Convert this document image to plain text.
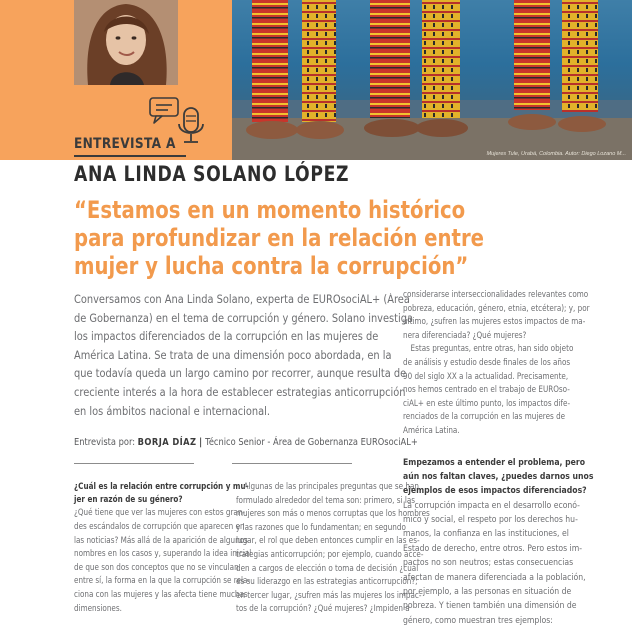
Mujeres Tule, Urabá, Colombia. Autor: Diego Lozano M...
ENTREVISTA A
ANA LINDA SOLANO LÓPEZ
“Estamos en un momento histórico
para profundizar en la relación entre
mujer y lucha contra la corrupción”
Conversamos con Ana Linda Solano, experta de EUROsociAL+ (Área
de Gobernanza) en el tema de corrupción y género. Solano investiga
los impactos diferenciados de la corrupción en las mujeres de
América Latina. Se trata de una dimensión poco abordada, en la
que todavía queda un largo camino por recorrer, aunque resulta de
creciente interés a la hora de establecer estrategias anticorrupción
en los ámbitos nacional e internacional.
Entrevista por: BORJA DÍAZ | Técnico Senior - Área de Gobernanza EUROsociAL+
considerarse interseccionalidades relevantes como
pobreza, educación, género, etnia, etcétera); y, por
último, ¿sufren las mujeres estos impactos de ma-
nera diferenciada? ¿Qué mujeres?
Estas preguntas, entre otras, han sido objeto
de análisis y estudio desde finales de los años
90 del siglo XX a la actualidad. Precisamente,
nos hemos centrado en el trabajo de EUROso-
ciAL+ en este último punto, los impactos dife-
renciados de la corrupción en las mujeres de
América Latina.
¿Cuál es la relación entre corrupción y mu-
jer en razón de su género?
¿Qué tiene que ver las mujeres con estos gran-
des escándalos de corrupción que aparecen en
las noticias? Más allá de la aparición de algunos
nombres en los casos y, superando la idea inicial
de que son dos conceptos que no se vinculan
entre sí, la forma en la que la corrupción se rela-
ciona con las mujeres y las afecta tiene muchas
dimensiones.
Algunas de las principales preguntas que se han
formulado alrededor del tema son: primero, si las
mujeres son más o menos corruptas que los hombres
y las razones que lo fundamentan; en segundo
lugar, el rol que deben entonces cumplir en las es-
trategias anticorrupción; por ejemplo, cuando acce-
den a cargos de elección o toma de decisión ¿cuál
es su liderazgo en las estrategias anticorrupción?;
en tercer lugar, ¿sufren más las mujeres los impac-
tos de la corrupción? ¿Qué mujeres? ¿Impiden a
Empezamos a entender el problema, pero
aún nos faltan claves, ¿puedes darnos unos
ejemplos de esos impactos diferenciados?
La corrupción impacta en el desarrollo econó-
mico y social, el respeto por los derechos hu-
manos, la confianza en las instituciones, el
Estado de derecho, entre otros. Pero estos im-
pactos no son neutros; estas consecuencias
afectan de manera diferenciada a la población,
por ejemplo, a las personas en situación de
pobreza. Y tienen también una dimensión de
género, como muestran tres ejemplos:
